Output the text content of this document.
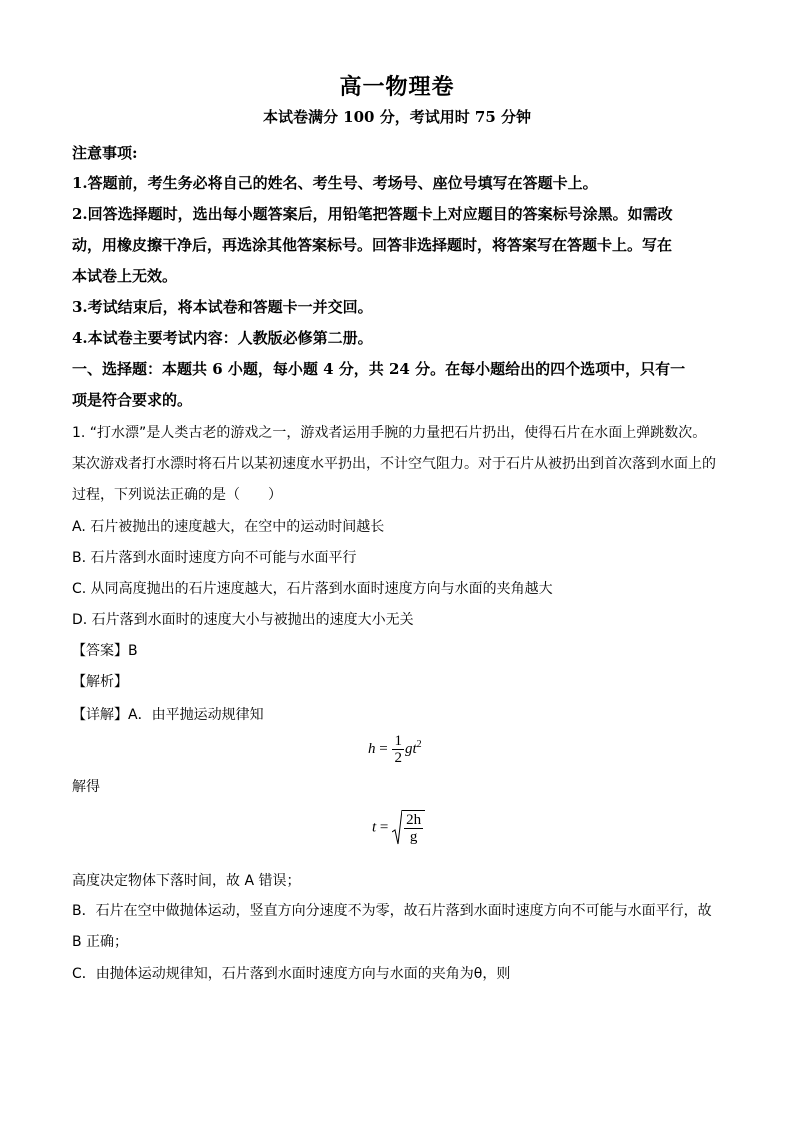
高一物理卷
本试卷满分 100 分，考试用时 75 分钟
注意事项:
1.答题前，考生务必将自己的姓名、考生号、考场号、座位号填写在答题卡上。
2.回答选择题时，选出每小题答案后，用铅笔把答题卡上对应题目的答案标号涂黑。如需改
动，用橡皮擦干净后，再选涂其他答案标号。回答非选择题时，将答案写在答题卡上。写在
本试卷上无效。
3.考试结束后，将本试卷和答题卡一并交回。
4.本试卷主要考试内容：人教版必修第二册。
一、选择题：本题共 6 小题，每小题 4 分，共 24 分。在每小题给出的四个选项中，只有一
项是符合要求的。
1. “打水漂”是人类古老的游戏之一，游戏者运用手腕的力量把石片扔出，使得石片在水面上弹跳数次。
某次游戏者打水漂时将石片以某初速度水平扔出，不计空气阻力。对于石片从被扔出到首次落到水面上的
过程，下列说法正确的是（　　）
A. 石片被抛出的速度越大，在空中的运动时间越长
B. 石片落到水面时速度方向不可能与水面平行
C. 从同高度抛出的石片速度越大，石片落到水面时速度方向与水面的夹角越大
D. 石片落到水面时的速度大小与被抛出的速度大小无关
【答案】B
【解析】
【详解】A．由平抛运动规律知
$h = \frac{1}{2} gt^2$
解得
$t = \frac{2h}{g}$
高度决定物体下落时间，故 A 错误；
B．石片在空中做抛体运动，竖直方向分速度不为零，故石片落到水面时速度方向不可能与水面平行，故
B 正确；
C．由抛体运动规律知，石片落到水面时速度方向与水面的夹角为θ，则
